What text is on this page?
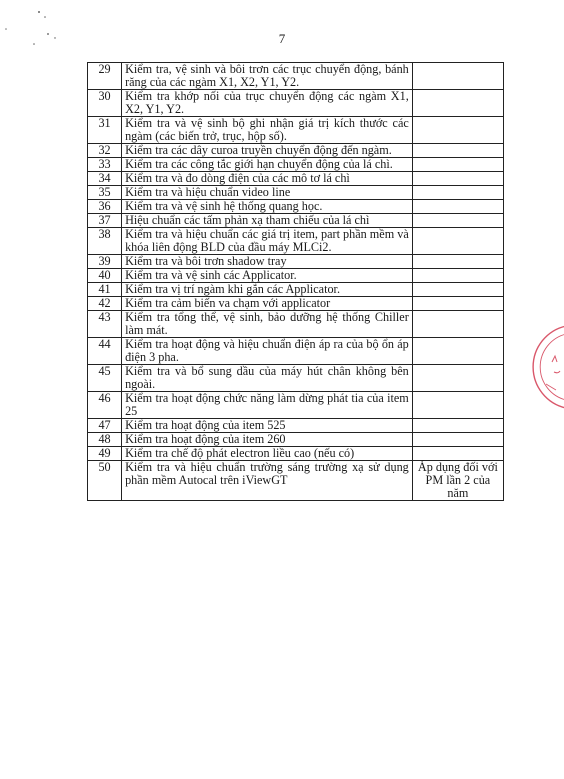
7
29	Kiểm tra, vệ sinh và bôi trơn các trục chuyển động, bánh răng của các ngàm X1, X2, Y1, Y2.	
30	Kiểm tra khớp nối của trục chuyển động các ngàm X1, X2, Y1, Y2.	
31	Kiểm tra và vệ sinh bộ ghi nhận giá trị kích thước các ngàm (các biến trở, trục, hộp số).	
32	Kiểm tra các dây curoa truyền chuyển động đến ngàm.	
33	Kiểm tra các công tắc giới hạn chuyển động của lá chì.	
34	Kiểm tra và đo dòng điện của các mô tơ lá chì	
35	Kiểm tra và hiệu chuẩn video line	
36	Kiểm tra và vệ sinh hệ thống quang học.	
37	Hiệu chuẩn các tấm phản xạ tham chiếu của lá chì	
38	Kiểm tra và hiệu chuẩn các giá trị item, part phần mềm và khóa liên động BLD của đầu máy MLCi2.	
39	Kiểm tra và bôi trơn shadow tray	
40	Kiểm tra và vệ sinh các Applicator.	
41	Kiểm tra vị trí ngàm khi gắn các Applicator.	
42	Kiểm tra cảm biến va chạm với applicator	
43	Kiểm tra tổng thể, vệ sinh, bảo dưỡng hệ thống Chiller làm mát.	
44	Kiểm tra hoạt động và hiệu chuẩn điện áp ra của bộ ổn áp điện 3 pha.	
45	Kiểm tra và bổ sung dầu của máy hút chân không bên ngoài.	
46	Kiểm tra hoạt động chức năng làm dừng phát tia của item 25	
47	Kiểm tra hoạt động của item 525	
48	Kiểm tra hoạt động của item 260	
49	Kiểm tra chế độ phát electron liều cao (nếu có)	
50	Kiểm tra và hiệu chuẩn trường sáng trường xạ sử dụng phần mềm Autocal trên iViewGT	Áp dụng đối với PM lần 2 của năm
